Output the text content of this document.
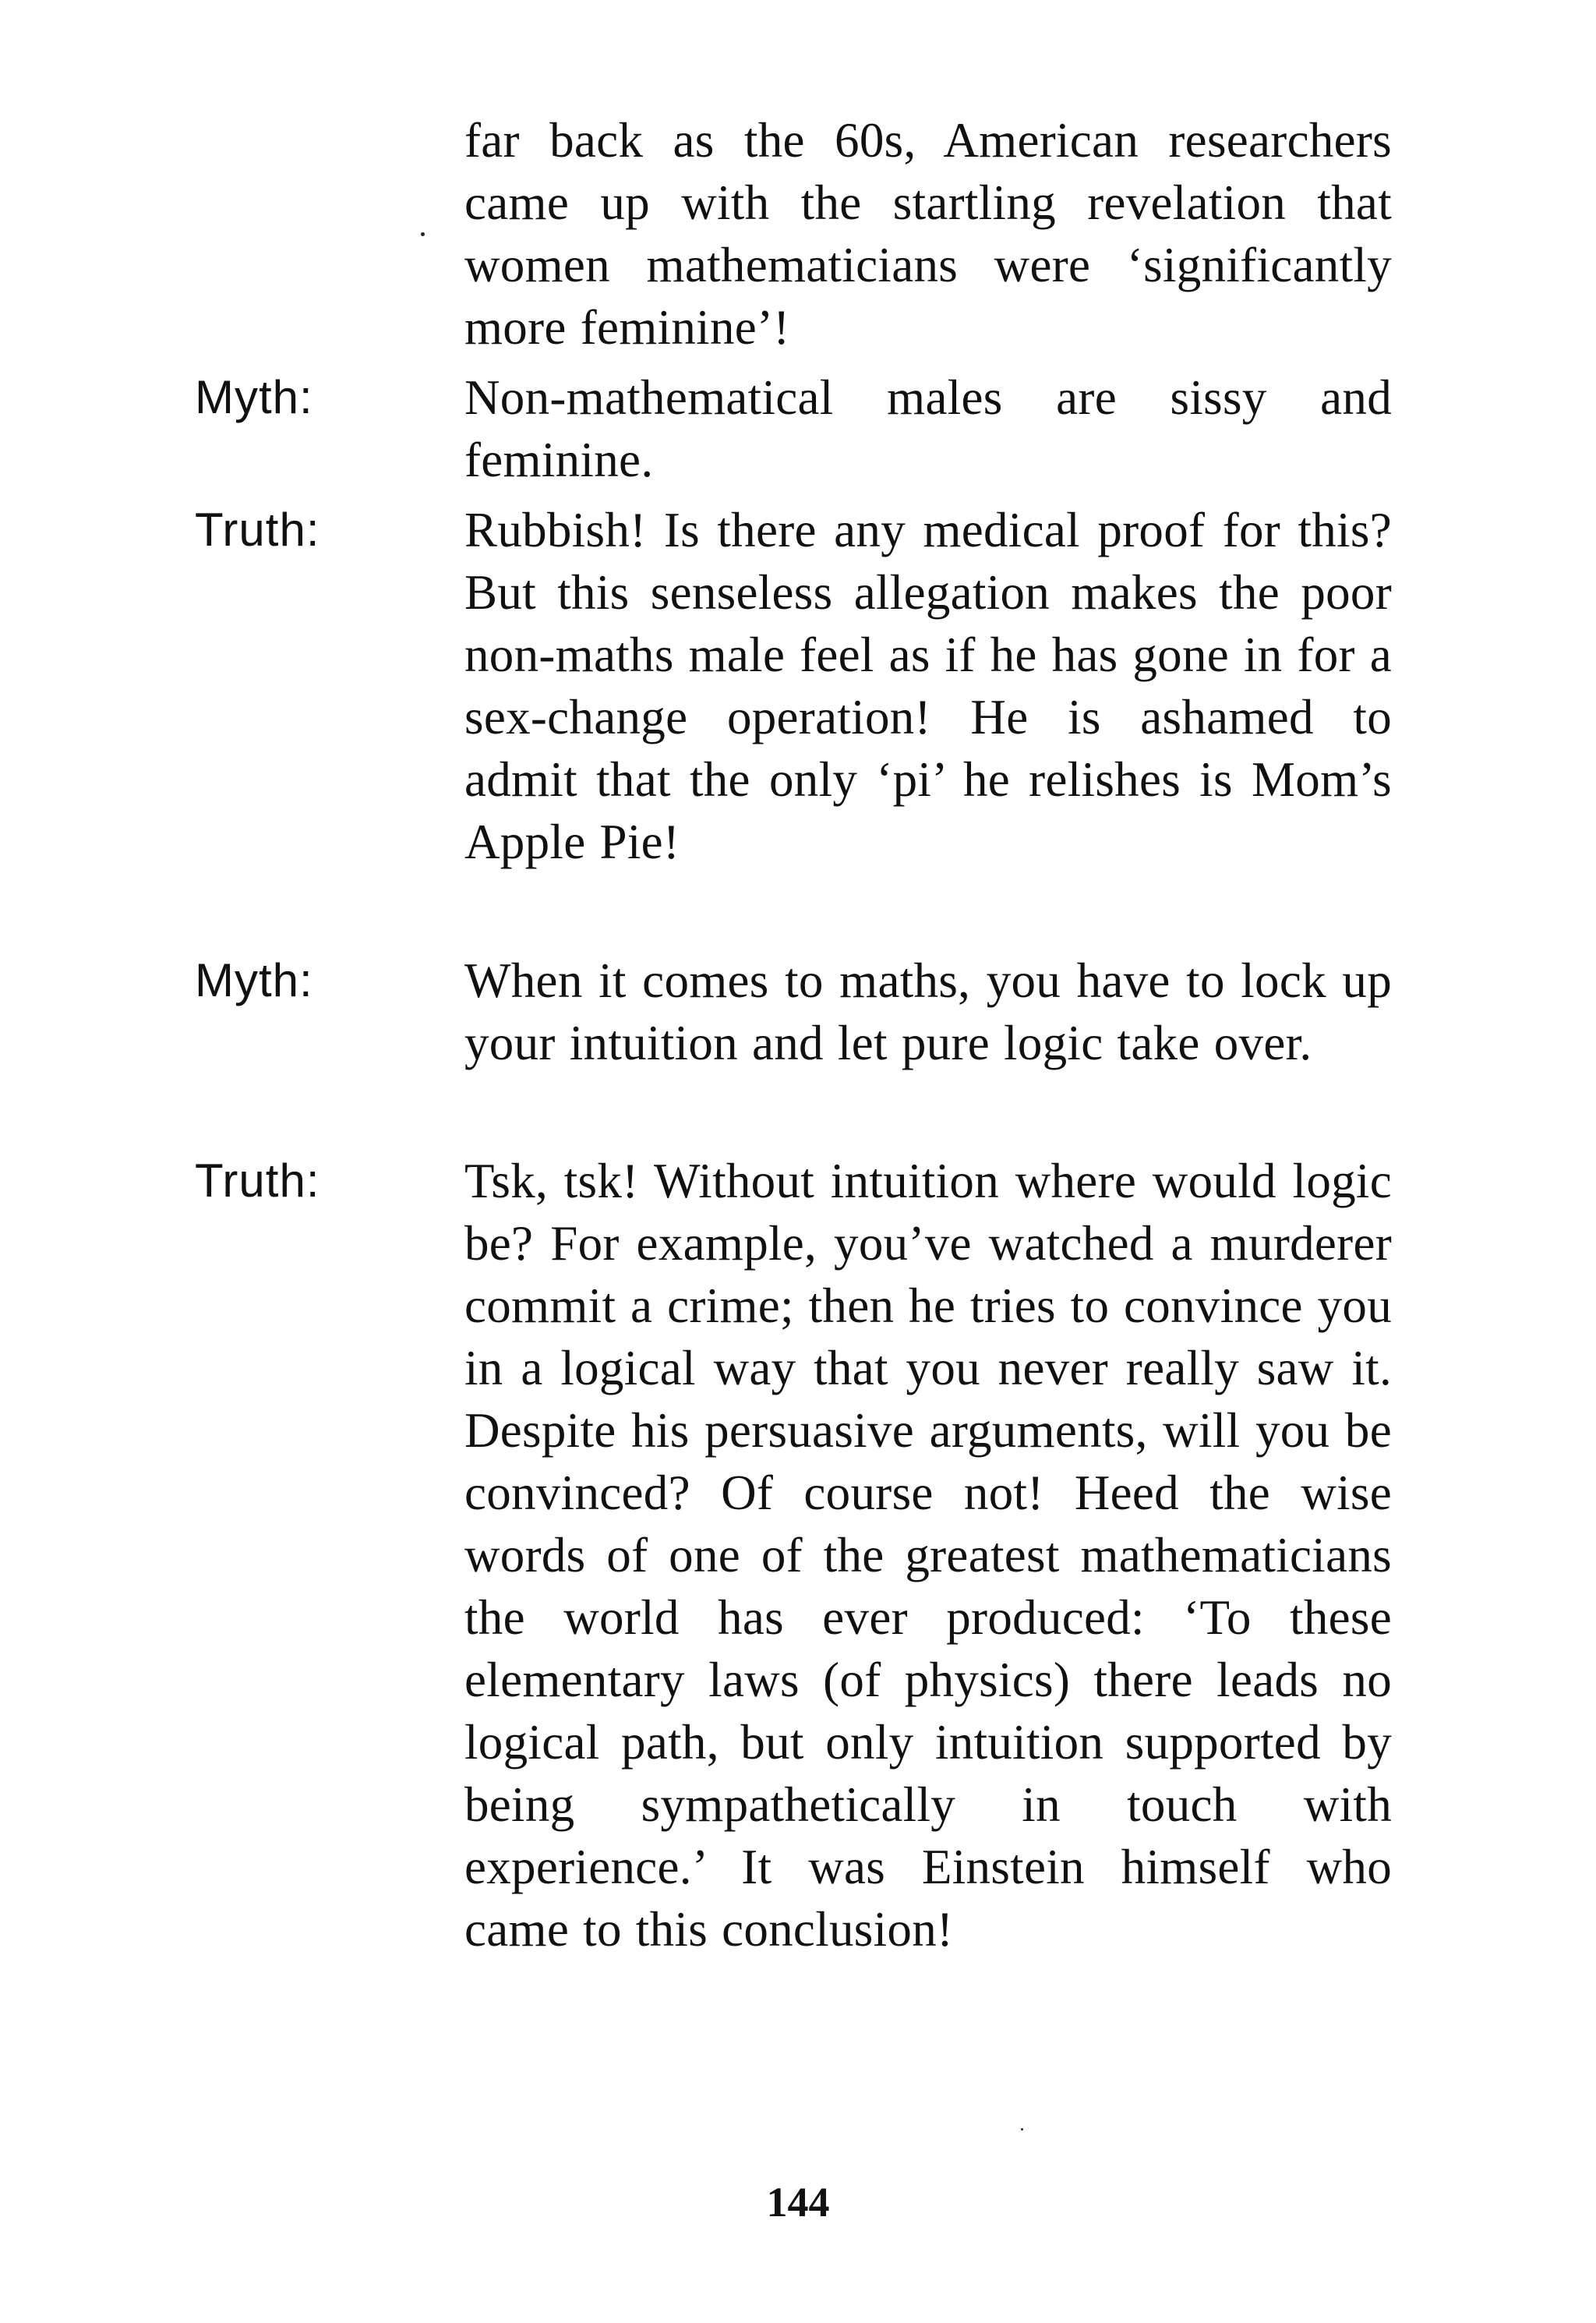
far back as the 60s, American researchers came up with the startling revelation that women mathematicians were ‘significantly more feminine’!
Myth:	Non-mathematical males are sissy and feminine.
Truth:	Rubbish! Is there any medical proof for this? But this senseless allegation makes the poor non-maths male feel as if he has gone in for a sex-change operation! He is ashamed to admit that the only ‘pi’ he relishes is Mom’s Apple Pie!
Myth:	When it comes to maths, you have to lock up your intuition and let pure logic take over.
Truth:	Tsk, tsk! Without intuition where would logic be? For example, you’ve watched a murderer commit a crime; then he tries to convince you in a logical way that you never really saw it. Despite his persuasive arguments, will you be convinced? Of course not! Heed the wise words of one of the greatest mathematicians the world has ever produced: ‘To these elementary laws (of physics) there leads no logical path, but only intuition supported by being sympathetically in touch with experience.’ It was Einstein himself who came to this conclusion!
144
